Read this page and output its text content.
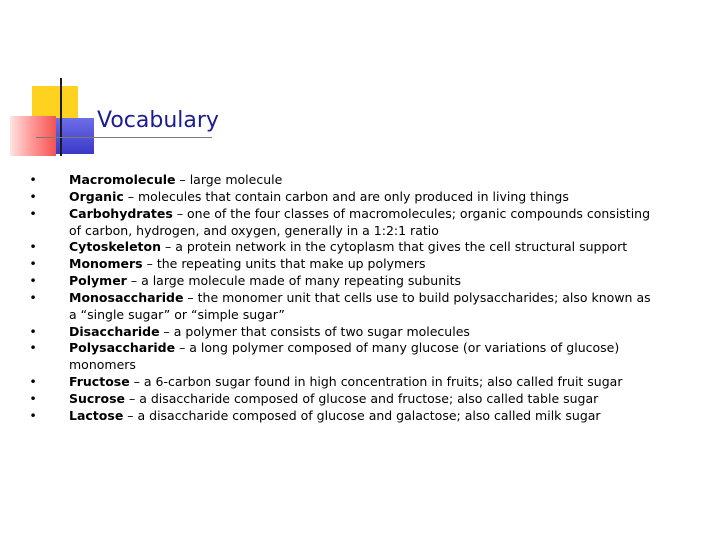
Vocabulary
•	Macromolecule – large molecule
•	Organic – molecules that contain carbon and are only produced in living things
•	Carbohydrates – one of the four classes of macromolecules; organic compounds consisting of carbon, hydrogen, and oxygen, generally in a 1:2:1 ratio
•	Cytoskeleton – a protein network in the cytoplasm that gives the cell structural support
•	Monomers – the repeating units that make up polymers
•	Polymer – a large molecule made of many repeating subunits
•	Monosaccharide – the monomer unit that cells use to build polysaccharides; also known as a “single sugar” or “simple sugar”
•	Disaccharide – a polymer that consists of two sugar molecules
•	Polysaccharide – a long polymer composed of many glucose (or variations of glucose) monomers
•	Fructose – a 6-carbon sugar found in high concentration in fruits; also called fruit sugar
•	Sucrose – a disaccharide composed of glucose and fructose; also called table sugar
•	Lactose – a disaccharide composed of glucose and galactose; also called milk sugar
